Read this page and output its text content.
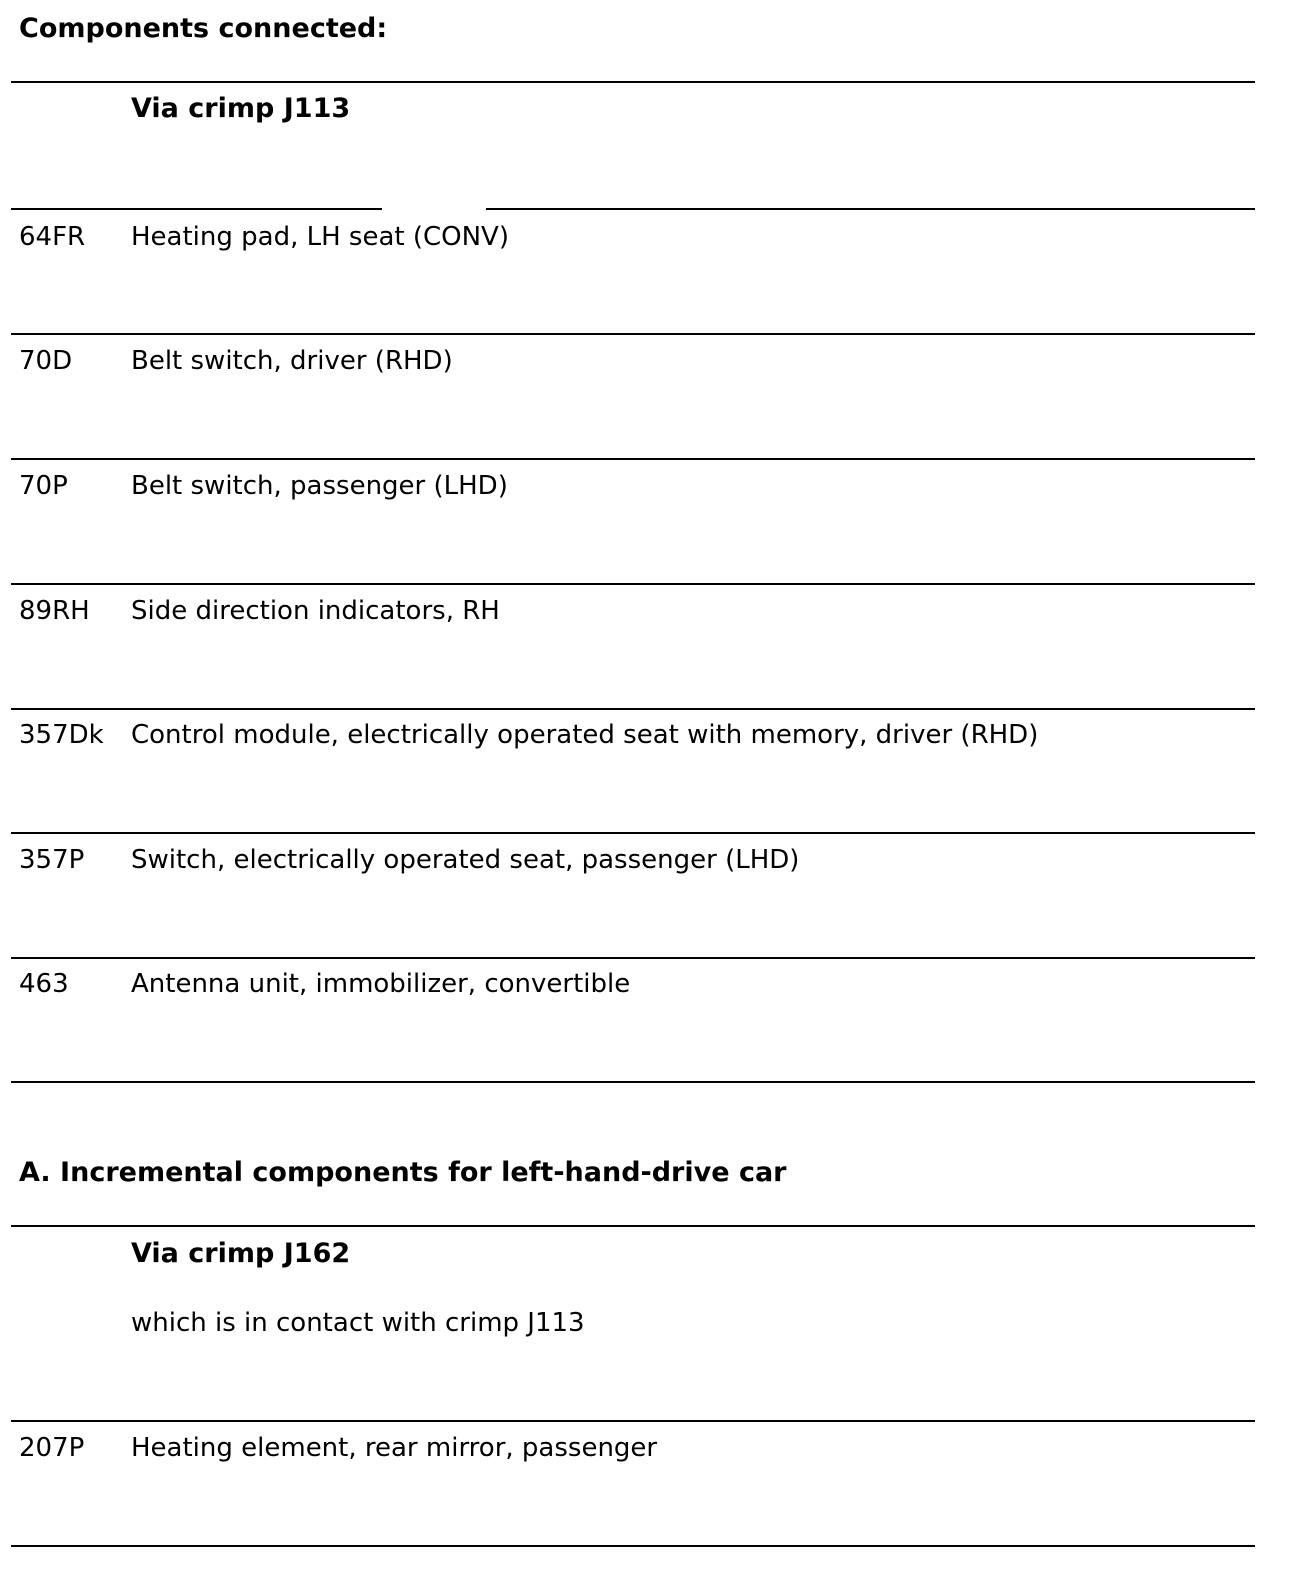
Components connected:
Via crimp J113
64FR Heating pad, LH seat (CONV)
70D Belt switch, driver (RHD)
70P Belt switch, passenger (LHD)
89RH Side direction indicators, RH
357Dk Control module, electrically operated seat with memory, driver (RHD)
357P Switch, electrically operated seat, passenger (LHD)
463 Antenna unit, immobilizer, convertible
A. Incremental components for left-hand-drive car
Via crimp J162
which is in contact with crimp J113
207P Heating element, rear mirror, passenger
